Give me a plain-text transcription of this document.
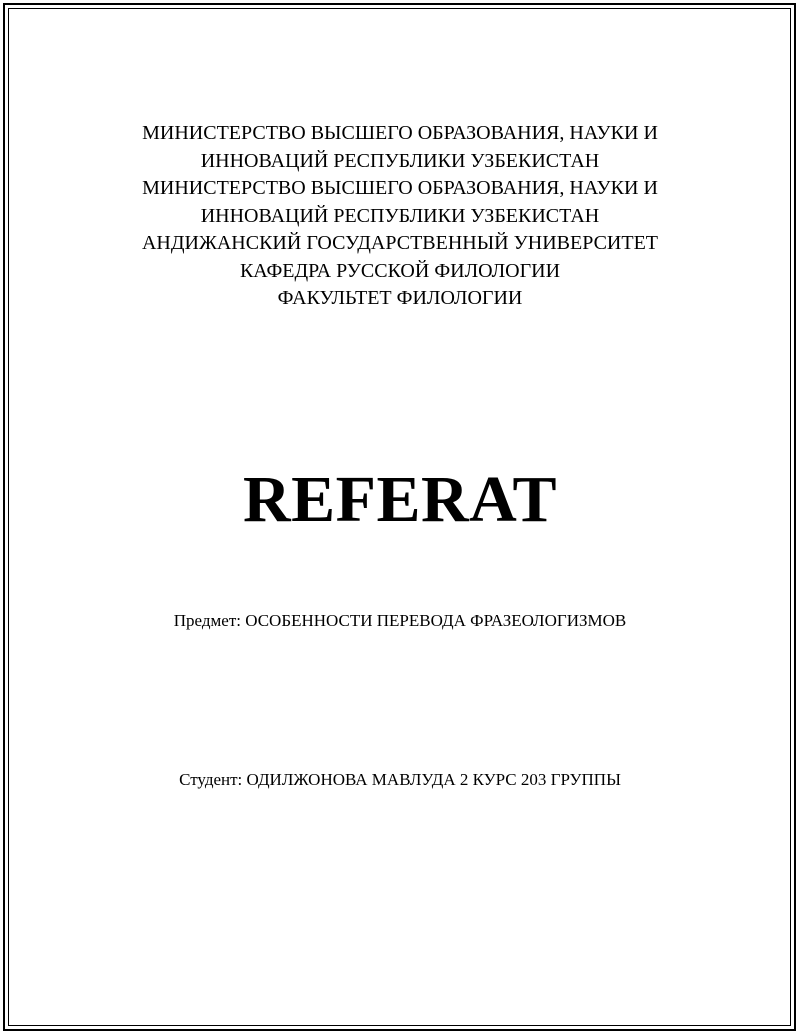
МИНИСТЕРСТВО ВЫСШЕГО ОБРАЗОВАНИЯ, НАУКИ И
ИННОВАЦИЙ РЕСПУБЛИКИ УЗБЕКИСТАН
МИНИСТЕРСТВО ВЫСШЕГО ОБРАЗОВАНИЯ, НАУКИ И
ИННОВАЦИЙ РЕСПУБЛИКИ УЗБЕКИСТАН
АНДИЖАНСКИЙ ГОСУДАРСТВЕННЫЙ УНИВЕРСИТЕТ
КАФЕДРА РУССКОЙ ФИЛОЛОГИИ
ФАКУЛЬТЕТ ФИЛОЛОГИИ
REFERAT
Предмет: ОСОБЕННОСТИ ПЕРЕВОДА ФРАЗЕОЛОГИЗМОВ
Студент: ОДИЛЖОНОВА МАВЛУДА 2 КУРС 203 ГРУППЫ
